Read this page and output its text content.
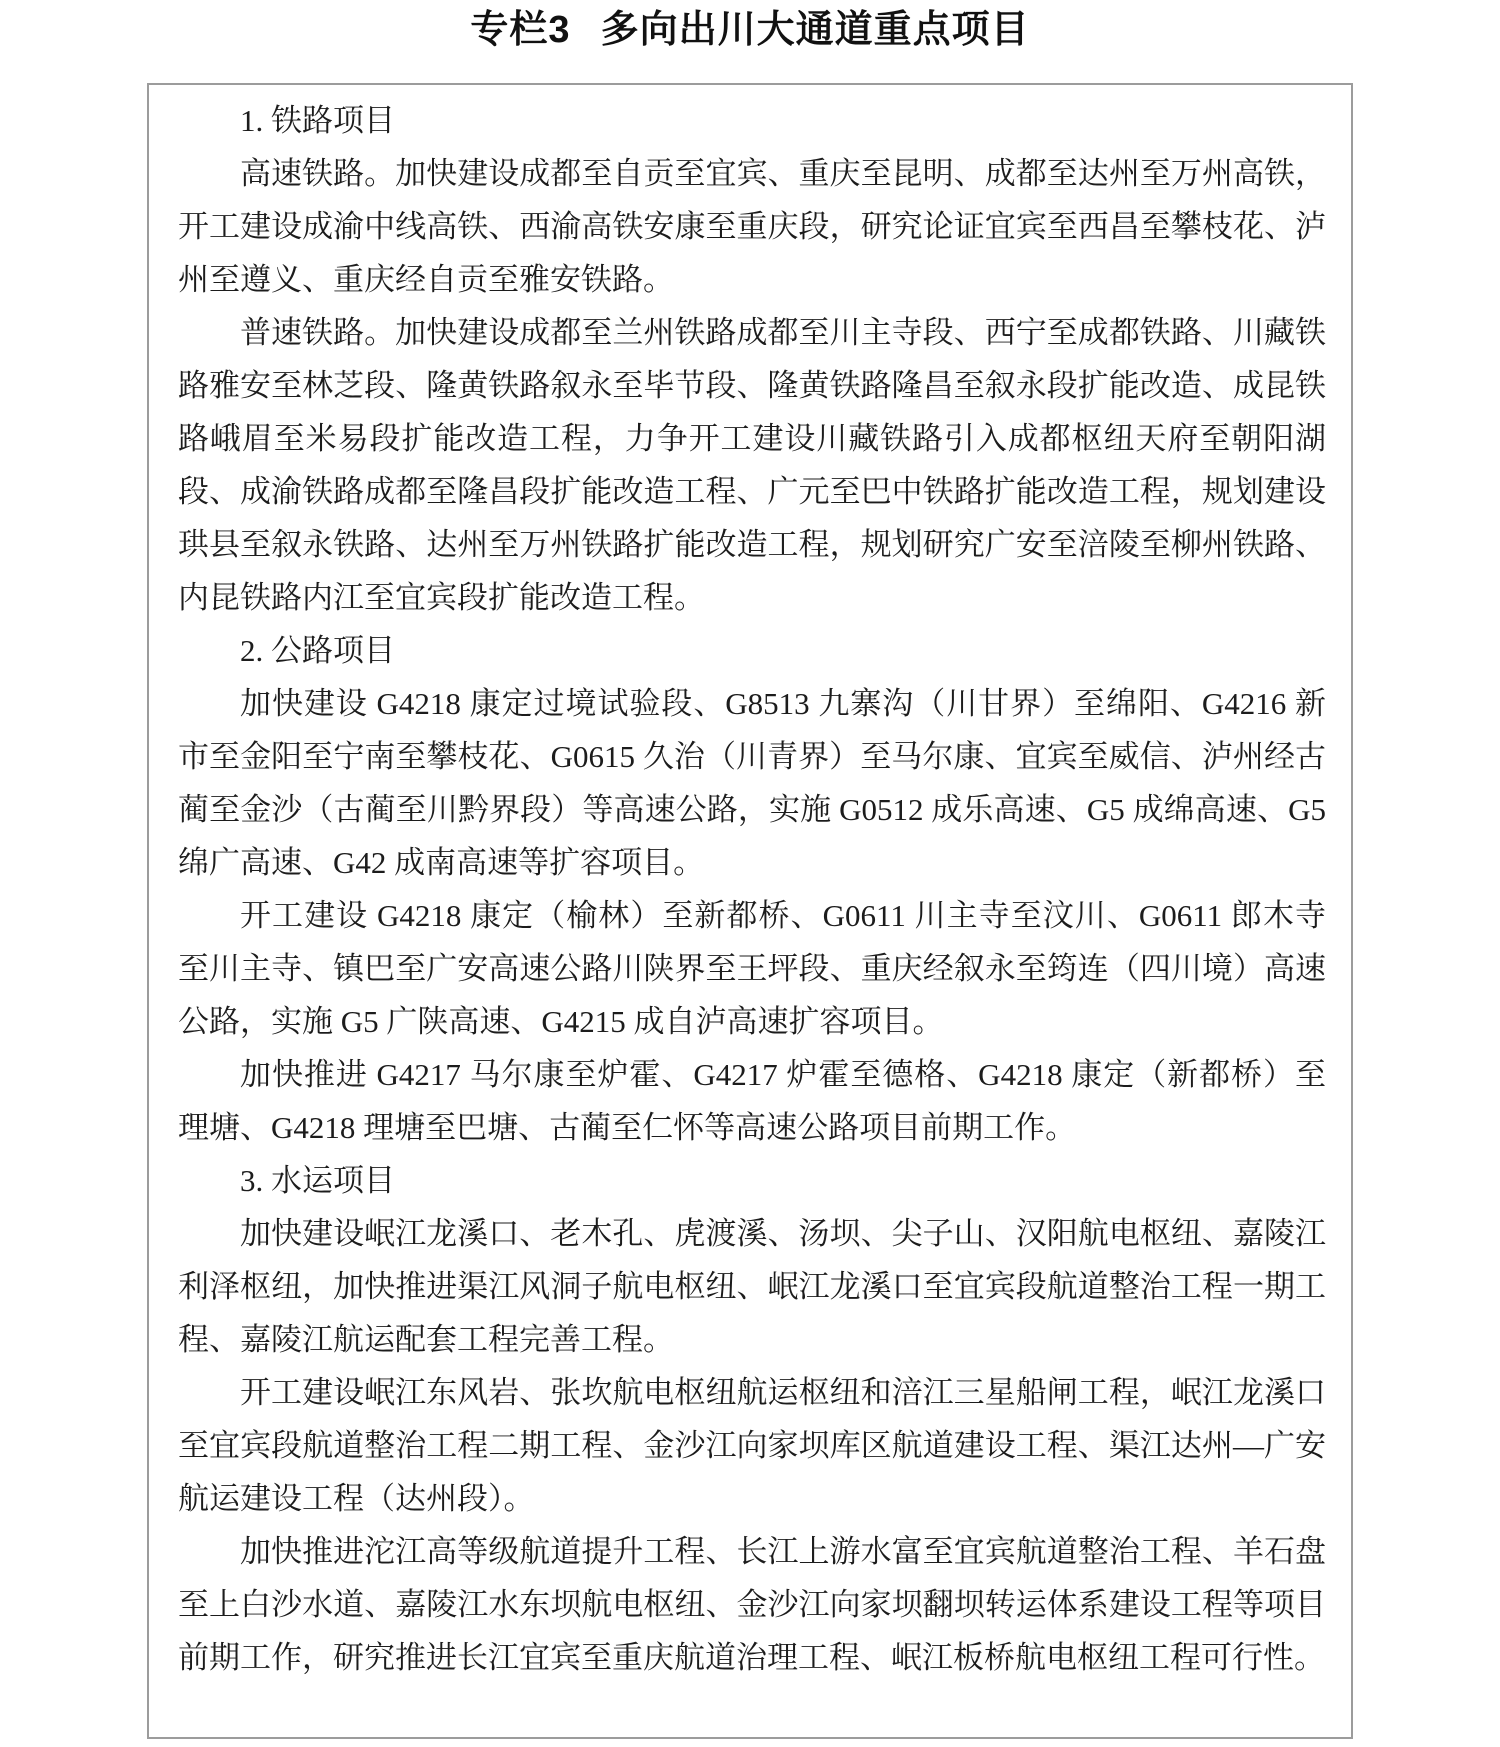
专栏3 多向出川大通道重点项目

1. 铁路项目

高速铁路。加快建设成都至自贡至宜宾、重庆至昆明、成都至达州至万州高铁，开工建设成渝中线高铁、西渝高铁安康至重庆段，研究论证宜宾至西昌至攀枝花、泸州至遵义、重庆经自贡至雅安铁路。

普速铁路。加快建设成都至兰州铁路成都至川主寺段、西宁至成都铁路、川藏铁路雅安至林芝段、隆黄铁路叙永至毕节段、隆黄铁路隆昌至叙永段扩能改造、成昆铁路峨眉至米易段扩能改造工程，力争开工建设川藏铁路引入成都枢纽天府至朝阳湖段、成渝铁路成都至隆昌段扩能改造工程、广元至巴中铁路扩能改造工程，规划建设珙县至叙永铁路、达州至万州铁路扩能改造工程，规划研究广安至涪陵至柳州铁路、内昆铁路内江至宜宾段扩能改造工程。

2. 公路项目

加快建设 G4218 康定过境试验段、G8513 九寨沟（川甘界）至绵阳、G4216 新市至金阳至宁南至攀枝花、G0615 久治（川青界）至马尔康、宜宾至威信、泸州经古蔺至金沙（古蔺至川黔界段）等高速公路，实施 G0512 成乐高速、G5 成绵高速、G5 绵广高速、G42 成南高速等扩容项目。

开工建设 G4218 康定（榆林）至新都桥、G0611 川主寺至汶川、G0611 郎木寺至川主寺、镇巴至广安高速公路川陕界至王坪段、重庆经叙永至筠连（四川境）高速公路，实施 G5 广陕高速、G4215 成自泸高速扩容项目。

加快推进 G4217 马尔康至炉霍、G4217 炉霍至德格、G4218 康定（新都桥）至理塘、G4218 理塘至巴塘、古蔺至仁怀等高速公路项目前期工作。

3. 水运项目

加快建设岷江龙溪口、老木孔、虎渡溪、汤坝、尖子山、汉阳航电枢纽、嘉陵江利泽枢纽，加快推进渠江风洞子航电枢纽、岷江龙溪口至宜宾段航道整治工程一期工程、嘉陵江航运配套工程完善工程。

开工建设岷江东风岩、张坎航电枢纽航运枢纽和涪江三星船闸工程，岷江龙溪口至宜宾段航道整治工程二期工程、金沙江向家坝库区航道建设工程、渠江达州—广安航运建设工程（达州段）。

加快推进沱江高等级航道提升工程、长江上游水富至宜宾航道整治工程、羊石盘至上白沙水道、嘉陵江水东坝航电枢纽、金沙江向家坝翻坝转运体系建设工程等项目前期工作，研究推进长江宜宾至重庆航道治理工程、岷江板桥航电枢纽工程可行性。
